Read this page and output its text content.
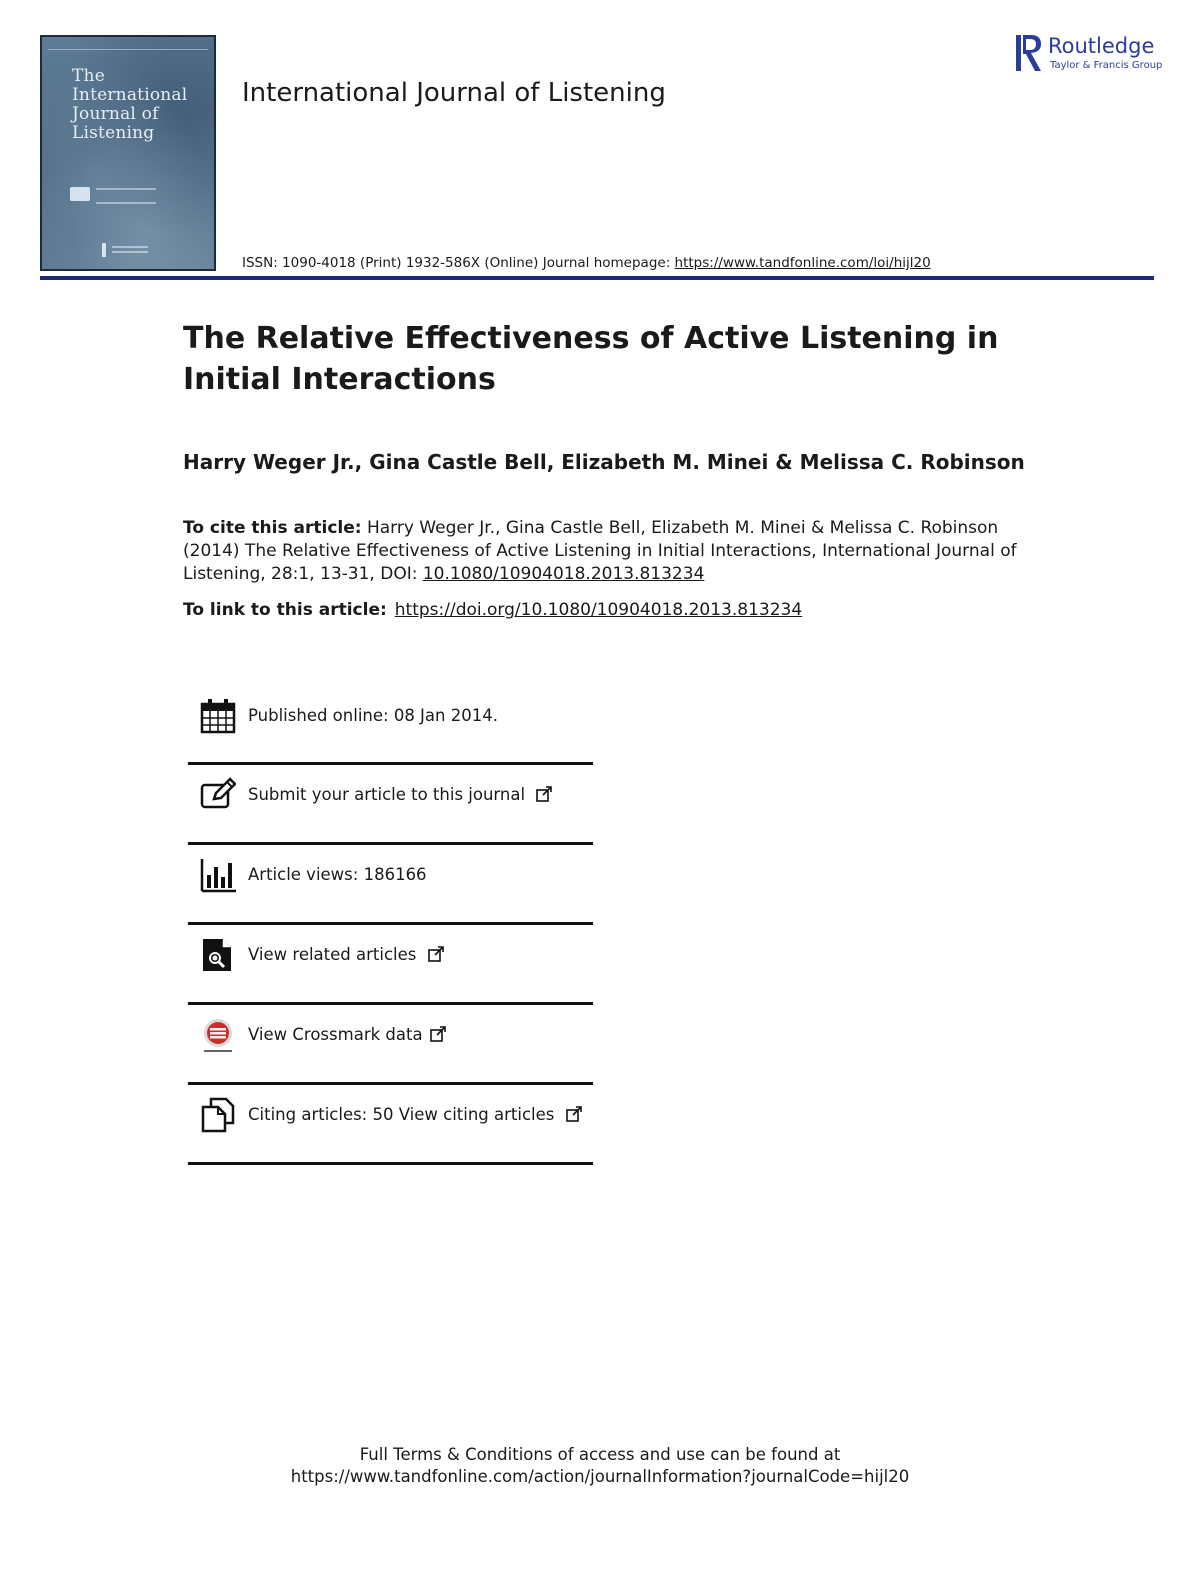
The
International
Journal of
Listening
International Journal of Listening
Routledge
Taylor & Francis Group
ISSN: 1090-4018 (Print) 1932-586X (Online) Journal homepage: https://www.tandfonline.com/loi/hijl20
The Relative Effectiveness of Active Listening in Initial Interactions
Harry Weger Jr., Gina Castle Bell, Elizabeth M. Minei & Melissa C. Robinson
To cite this article: Harry Weger Jr., Gina Castle Bell, Elizabeth M. Minei & Melissa C. Robinson (2014) The Relative Effectiveness of Active Listening in Initial Interactions, International Journal of Listening, 28:1, 13-31, DOI: 10.1080/10904018.2013.813234
To link to this article: https://doi.org/10.1080/10904018.2013.813234
Published online: 08 Jan 2014.
Submit your article to this journal
Article views: 186166
View related articles
View Crossmark data
Citing articles: 50 View citing articles
Full Terms & Conditions of access and use can be found at
https://www.tandfonline.com/action/journalInformation?journalCode=hijl20
